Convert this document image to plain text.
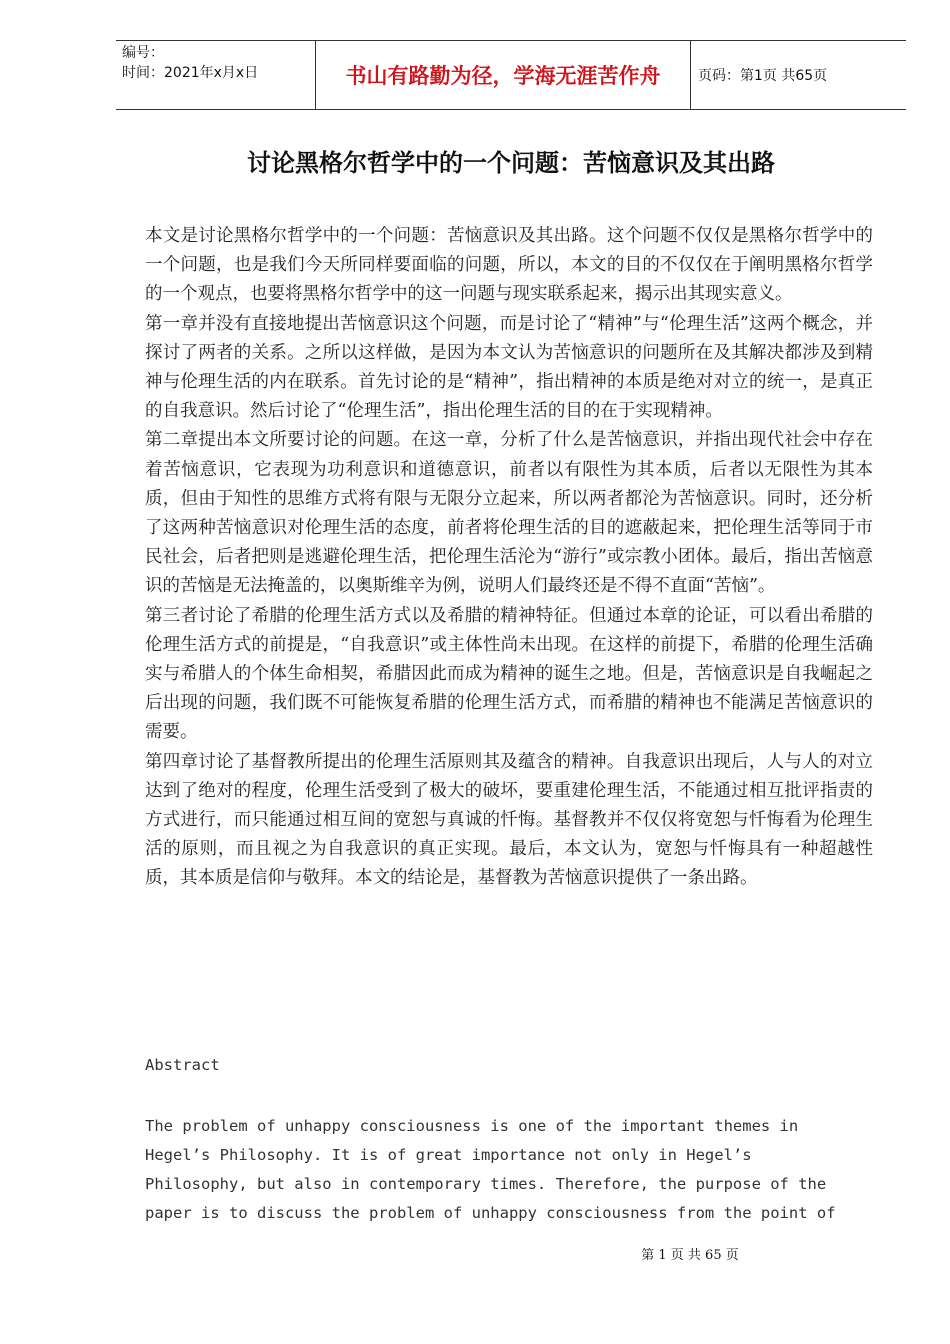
编号：
时间：2021年x月x日	书山有路勤为径，学海无涯苦作舟	页码：第1页 共65页
讨论黑格尔哲学中的一个问题：苦恼意识及其出路

本文是讨论黑格尔哲学中的一个问题：苦恼意识及其出路。这个问题不仅仅是黑格尔哲学中的一个问题，也是我们今天所同样要面临的问题，所以，本文的目的不仅仅在于阐明黑格尔哲学的一个观点，也要将黑格尔哲学中的这一问题与现实联系起来，揭示出其现实意义。

第一章并没有直接地提出苦恼意识这个问题，而是讨论了“精神”与“伦理生活”这两个概念，并探讨了两者的关系。之所以这样做，是因为本文认为苦恼意识的问题所在及其解决都涉及到精神与伦理生活的内在联系。首先讨论的是“精神”，指出精神的本质是绝对对立的统一，是真正的自我意识。然后讨论了“伦理生活”，指出伦理生活的目的在于实现精神。

第二章提出本文所要讨论的问题。在这一章，分析了什么是苦恼意识，并指出现代社会中存在着苦恼意识，它表现为功利意识和道德意识，前者以有限性为其本质，后者以无限性为其本质，但由于知性的思维方式将有限与无限分立起来，所以两者都沦为苦恼意识。同时，还分析了这两种苦恼意识对伦理生活的态度，前者将伦理生活的目的遮蔽起来，把伦理生活等同于市民社会，后者把则是逃避伦理生活，把伦理生活沦为“游行”或宗教小团体。最后，指出苦恼意识的苦恼是无法掩盖的，以奥斯维辛为例，说明人们最终还是不得不直面“苦恼”。

第三者讨论了希腊的伦理生活方式以及希腊的精神特征。但通过本章的论证，可以看出希腊的伦理生活方式的前提是，“自我意识”或主体性尚未出现。在这样的前提下，希腊的伦理生活确实与希腊人的个体生命相契，希腊因此而成为精神的诞生之地。但是，苦恼意识是自我崛起之后出现的问题，我们既不可能恢复希腊的伦理生活方式，而希腊的精神也不能满足苦恼意识的需要。

第四章讨论了基督教所提出的伦理生活原则其及蕴含的精神。自我意识出现后，人与人的对立达到了绝对的程度，伦理生活受到了极大的破坏，要重建伦理生活，不能通过相互批评指责的方式进行，而只能通过相互间的宽恕与真诚的忏悔。基督教并不仅仅将宽恕与忏悔看为伦理生活的原则，而且视之为自我意识的真正实现。最后，本文认为，宽恕与忏悔具有一种超越性质，其本质是信仰与敬拜。本文的结论是，基督教为苦恼意识提供了一条出路。

Abstract
The problem of unhappy consciousness is one of the important themes in
Hegel’s Philosophy. It is of great importance not only in Hegel’s
Philosophy, but also in contemporary times. Therefore, the purpose of the
paper is to discuss the problem of unhappy consciousness from the point of
第 1 页 共 65 页
